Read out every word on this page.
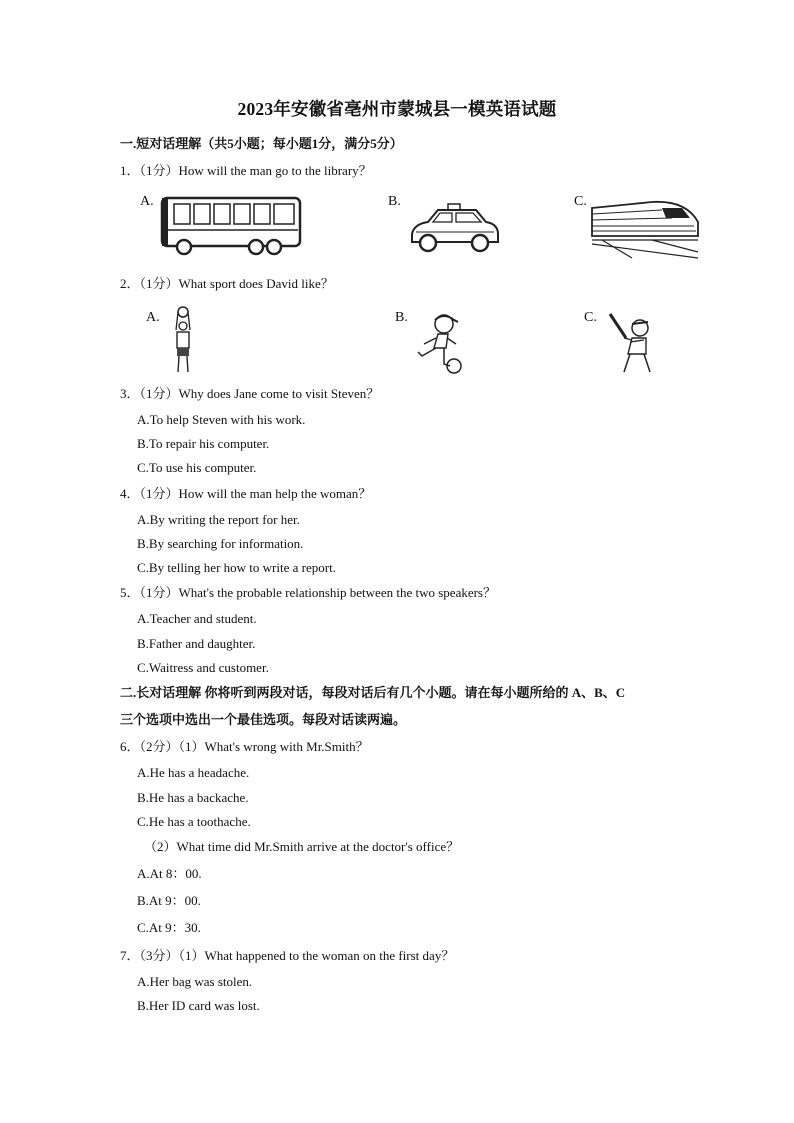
2023年安徽省亳州市蒙城县一模英语试题
一.短对话理解（共5小题；每小题1分，满分5分）
1．（1分）How will the man go to the library？
A.	B.	C.
2．（1分）What sport does David like？
A.	B.	C.
3．（1分）Why does Jane come to visit Steven？
A.To help Steven with his work.
B.To repair his computer.
C.To use his computer.
4．（1分）How will the man help the woman？
A.By writing the report for her.
B.By searching for information.
C.By telling her how to write a report.
5．（1分）What's the probable relationship between the two speakers？
A.Teacher and student.
B.Father and daughter.
C.Waitress and customer.
二.长对话理解 你将听到两段对话，每段对话后有几个小题。请在每小题所给的 A、B、C
三个选项中选出一个最佳选项。每段对话读两遍。
6．（2分）（1）What's wrong with Mr.Smith？
A.He has a headache.
B.He has a backache.
C.He has a toothache.
（2）What time did Mr.Smith arrive at the doctor's office？
A.At 8：00.
B.At 9：00.
C.At 9：30.
7．（3分）（1）What happened to the woman on the first day？
A.Her bag was stolen.
B.Her ID card was lost.
